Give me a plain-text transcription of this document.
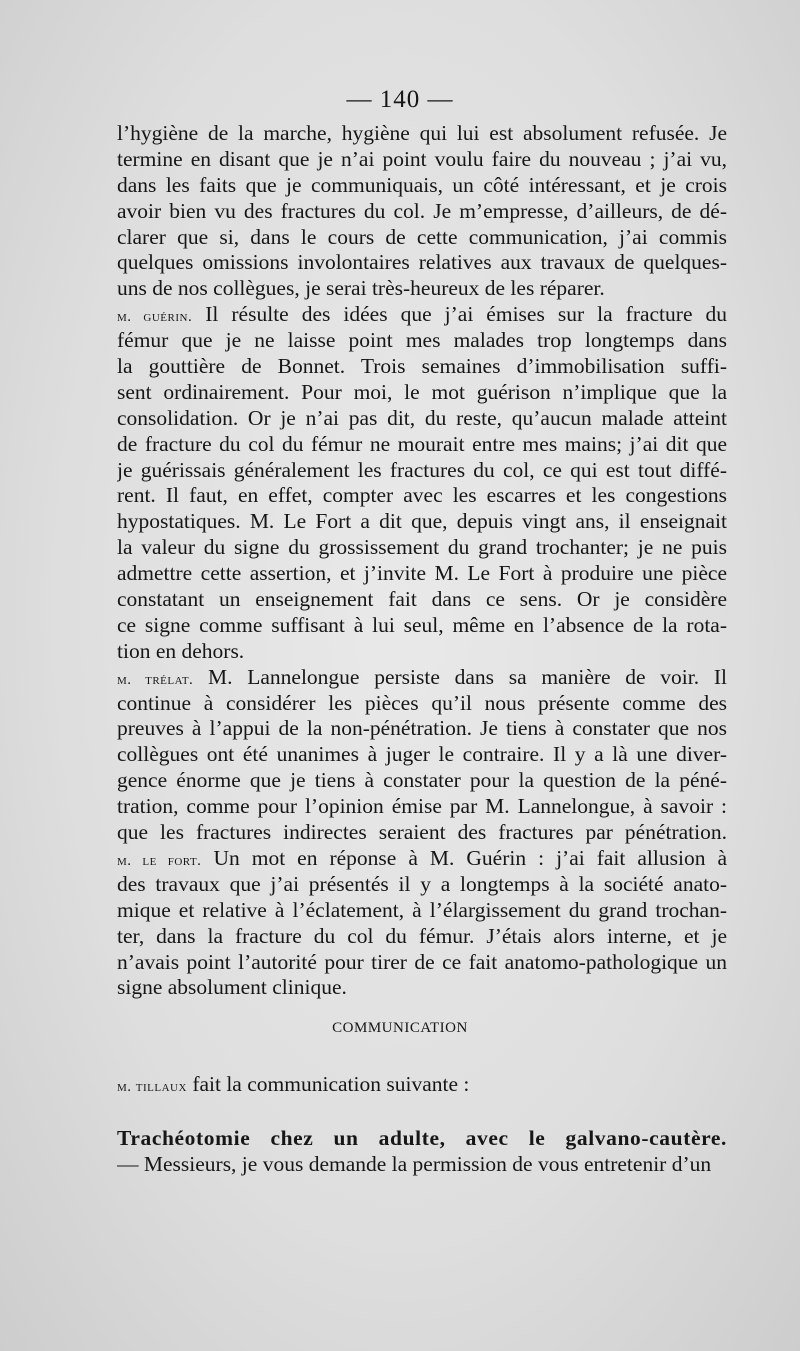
— 140 —
l’hygiène de la marche, hygiène qui lui est absolument refusée. Je
termine en disant que je n’ai point voulu faire du nouveau ; j’ai vu,
dans les faits que je communiquais, un côté intéressant, et je crois
avoir bien vu des fractures du col. Je m’empresse, d’ailleurs, de dé-
clarer que si, dans le cours de cette communication, j’ai commis
quelques omissions involontaires relatives aux travaux de quelques-
uns de nos collègues, je serai très-heureux de les réparer.
m. guérin. Il résulte des idées que j’ai émises sur la fracture du
fémur que je ne laisse point mes malades trop longtemps dans
la gouttière de Bonnet. Trois semaines d’immobilisation suffi-
sent ordinairement. Pour moi, le mot guérison n’implique que la
consolidation. Or je n’ai pas dit, du reste, qu’aucun malade atteint
de fracture du col du fémur ne mourait entre mes mains; j’ai dit que
je guérissais généralement les fractures du col, ce qui est tout diffé-
rent. Il faut, en effet, compter avec les escarres et les congestions
hypostatiques. M. Le Fort a dit que, depuis vingt ans, il enseignait
la valeur du signe du grossissement du grand trochanter; je ne puis
admettre cette assertion, et j’invite M. Le Fort à produire une pièce
constatant un enseignement fait dans ce sens. Or je considère
ce signe comme suffisant à lui seul, même en l’absence de la rota-
tion en dehors.
m. trélat. M. Lannelongue persiste dans sa manière de voir. Il
continue à considérer les pièces qu’il nous présente comme des
preuves à l’appui de la non-pénétration. Je tiens à constater que nos
collègues ont été unanimes à juger le contraire. Il y a là une diver-
gence énorme que je tiens à constater pour la question de la péné-
tration, comme pour l’opinion émise par M. Lannelongue, à savoir :
que les fractures indirectes seraient des fractures par pénétration.
m. le fort. Un mot en réponse à M. Guérin : j’ai fait allusion à
des travaux que j’ai présentés il y a longtemps à la société anato-
mique et relative à l’éclatement, à l’élargissement du grand trochan-
ter, dans la fracture du col du fémur. J’étais alors interne, et je
n’avais point l’autorité pour tirer de ce fait anatomo-pathologique un
signe absolument clinique.
COMMUNICATION
m. tillaux fait la communication suivante :
Trachéotomie chez un adulte, avec le galvano-cautère.
— Messieurs, je vous demande la permission de vous entretenir d’un
